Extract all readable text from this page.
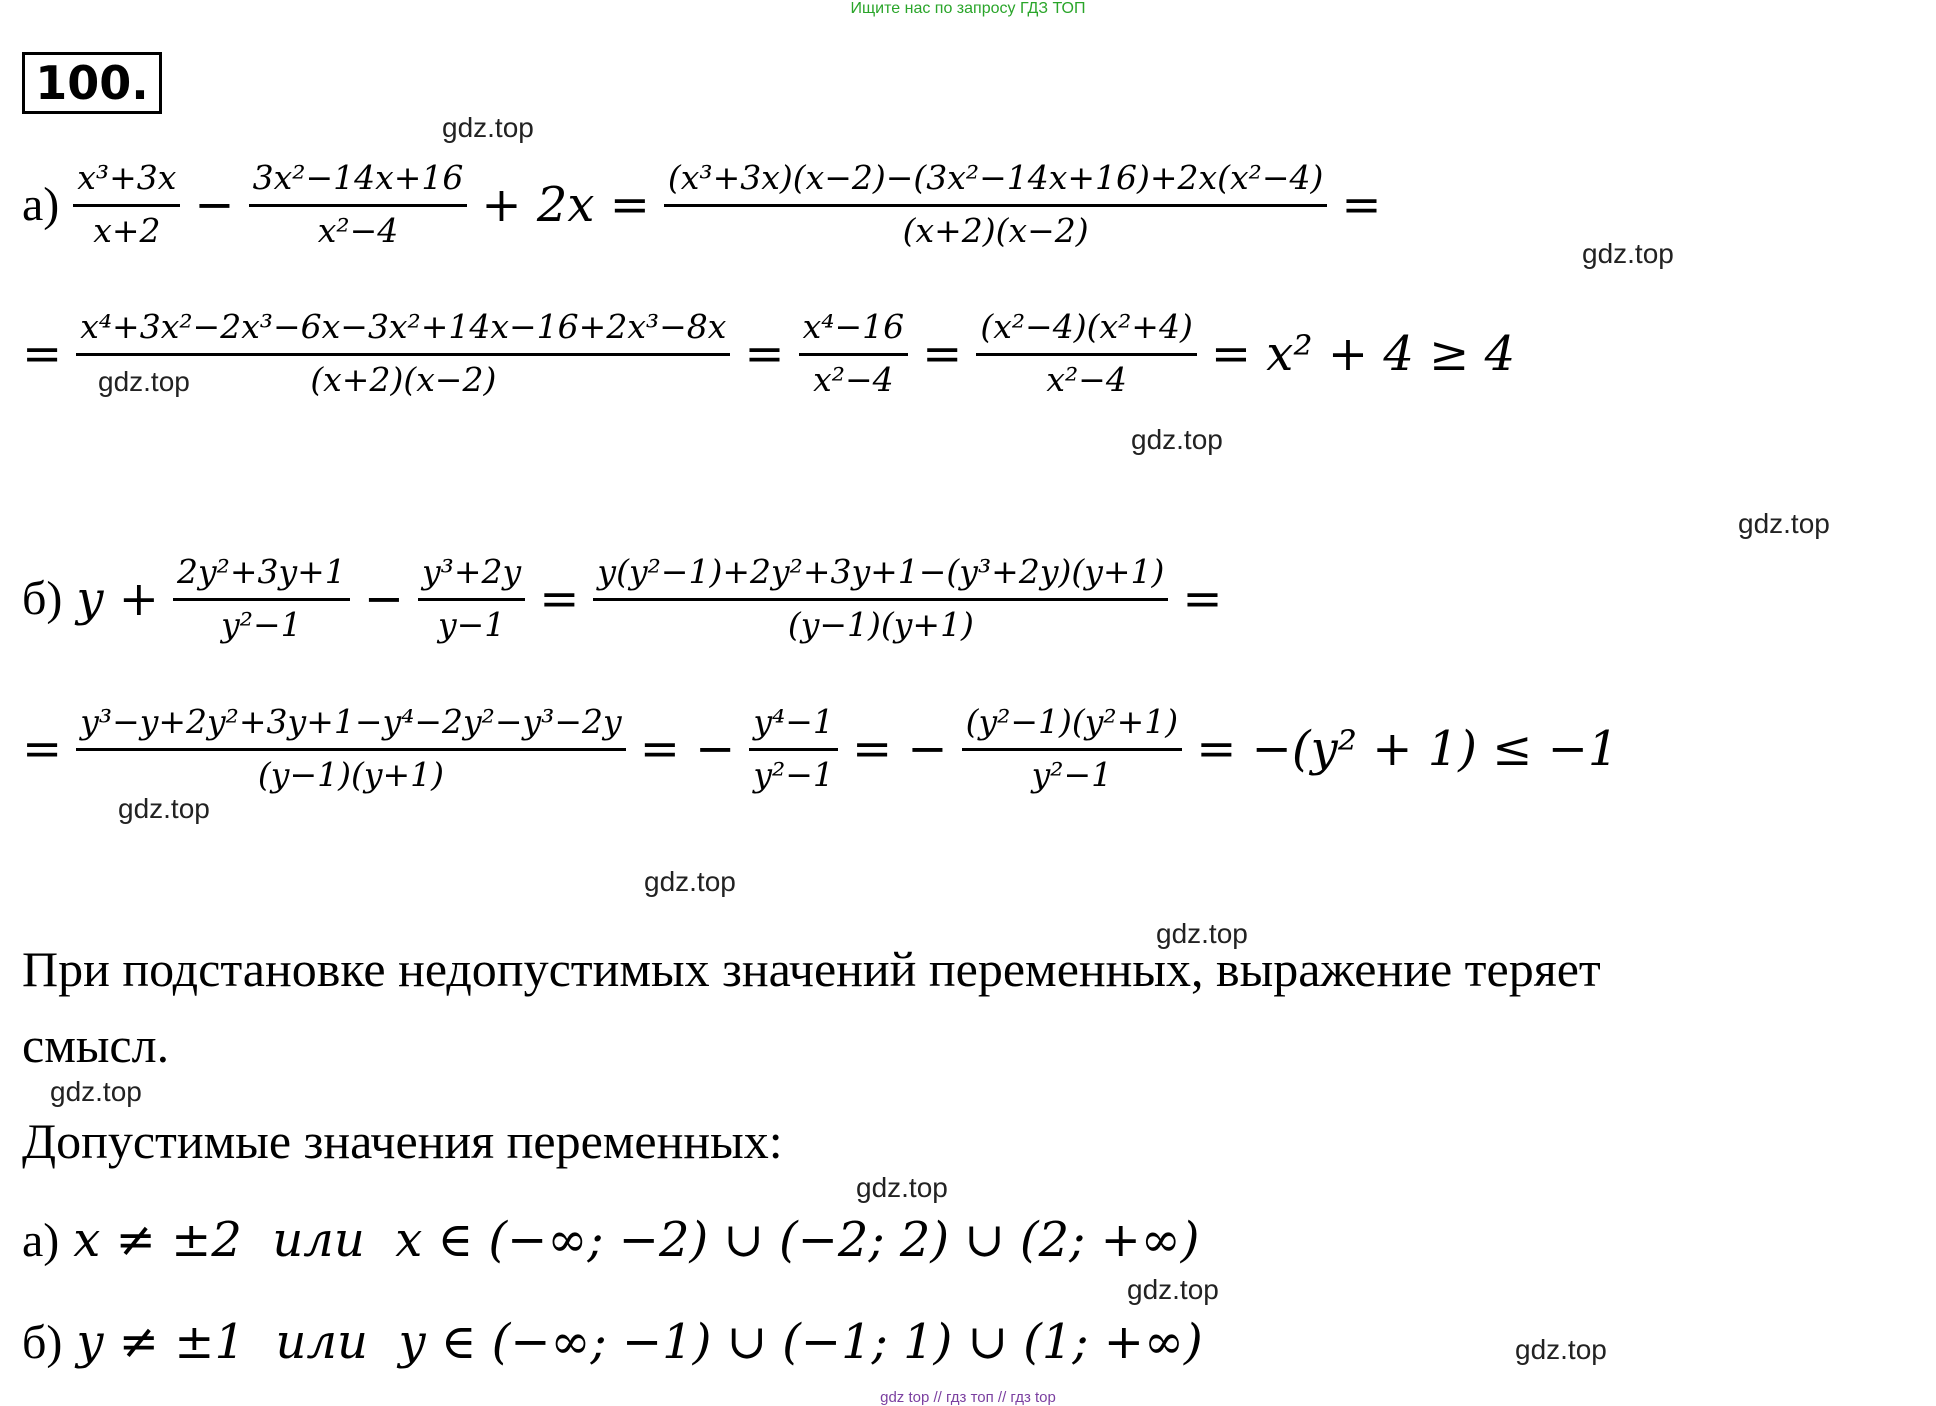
Ищите нас по запросу ГДЗ ТОП
100.
gdz.top
gdz.top
gdz.top
gdz.top
gdz.top
gdz.top
gdz.top
gdz.top
gdz.top
gdz.top
gdz.top
gdz.top
$а) \frac{\text{x³+3x}}{x+2} - \frac{\text{3x²−14x+16}}{\text{x²−4}} + 2x = \frac{\text{(x³+3x)(x−2)−(3x²−14x+16)+2x(x²−4)}}{(x+2)(x-2)}$ =
= $\frac{\text{x⁴+3x²−2x³−6x−3x²+14x−16+2x³−8x}}{(x+2)(x-2)} = \frac{\text{x⁴−16}}{\text{x²−4}} = \frac{\text{(x²−4)(x²+4)}}{\text{x²−4}} = x^2 + 4 \ge 4$
б) $y + \frac{\text{2y²+3y+1}}{\text{y²−1}} - \frac{\text{y³+2y}}{y-1} = \frac{\text{y(y²−1)+2y²+3y+1−(y³+2y)(y+1)}}{(y-1)(y+1)}$ =
= $\frac{\text{y³−y+2y²+3y+1−y⁴−2y²−y³−2y}}{(y-1)(y+1)}$ = − $\frac{\text{y⁴−1}}{\text{y²−1}}$ = − $\frac{\text{(y²−1)(y²+1)}}{\text{y²−1}} = -(y^2 + 1) \le -1$
При подстановке недопустимых значений переменных, выражение теряет
смысл.
Допустимые значения переменных:
а) x ≠ ±2  или  x ∈ (−∞; −2) ∪ (−2; 2) ∪ (2; +∞)
б) y ≠ ±1  или  y ∈ (−∞; −1) ∪ (−1; 1) ∪ (1; +∞)
gdz top // гдз топ // гдз top
